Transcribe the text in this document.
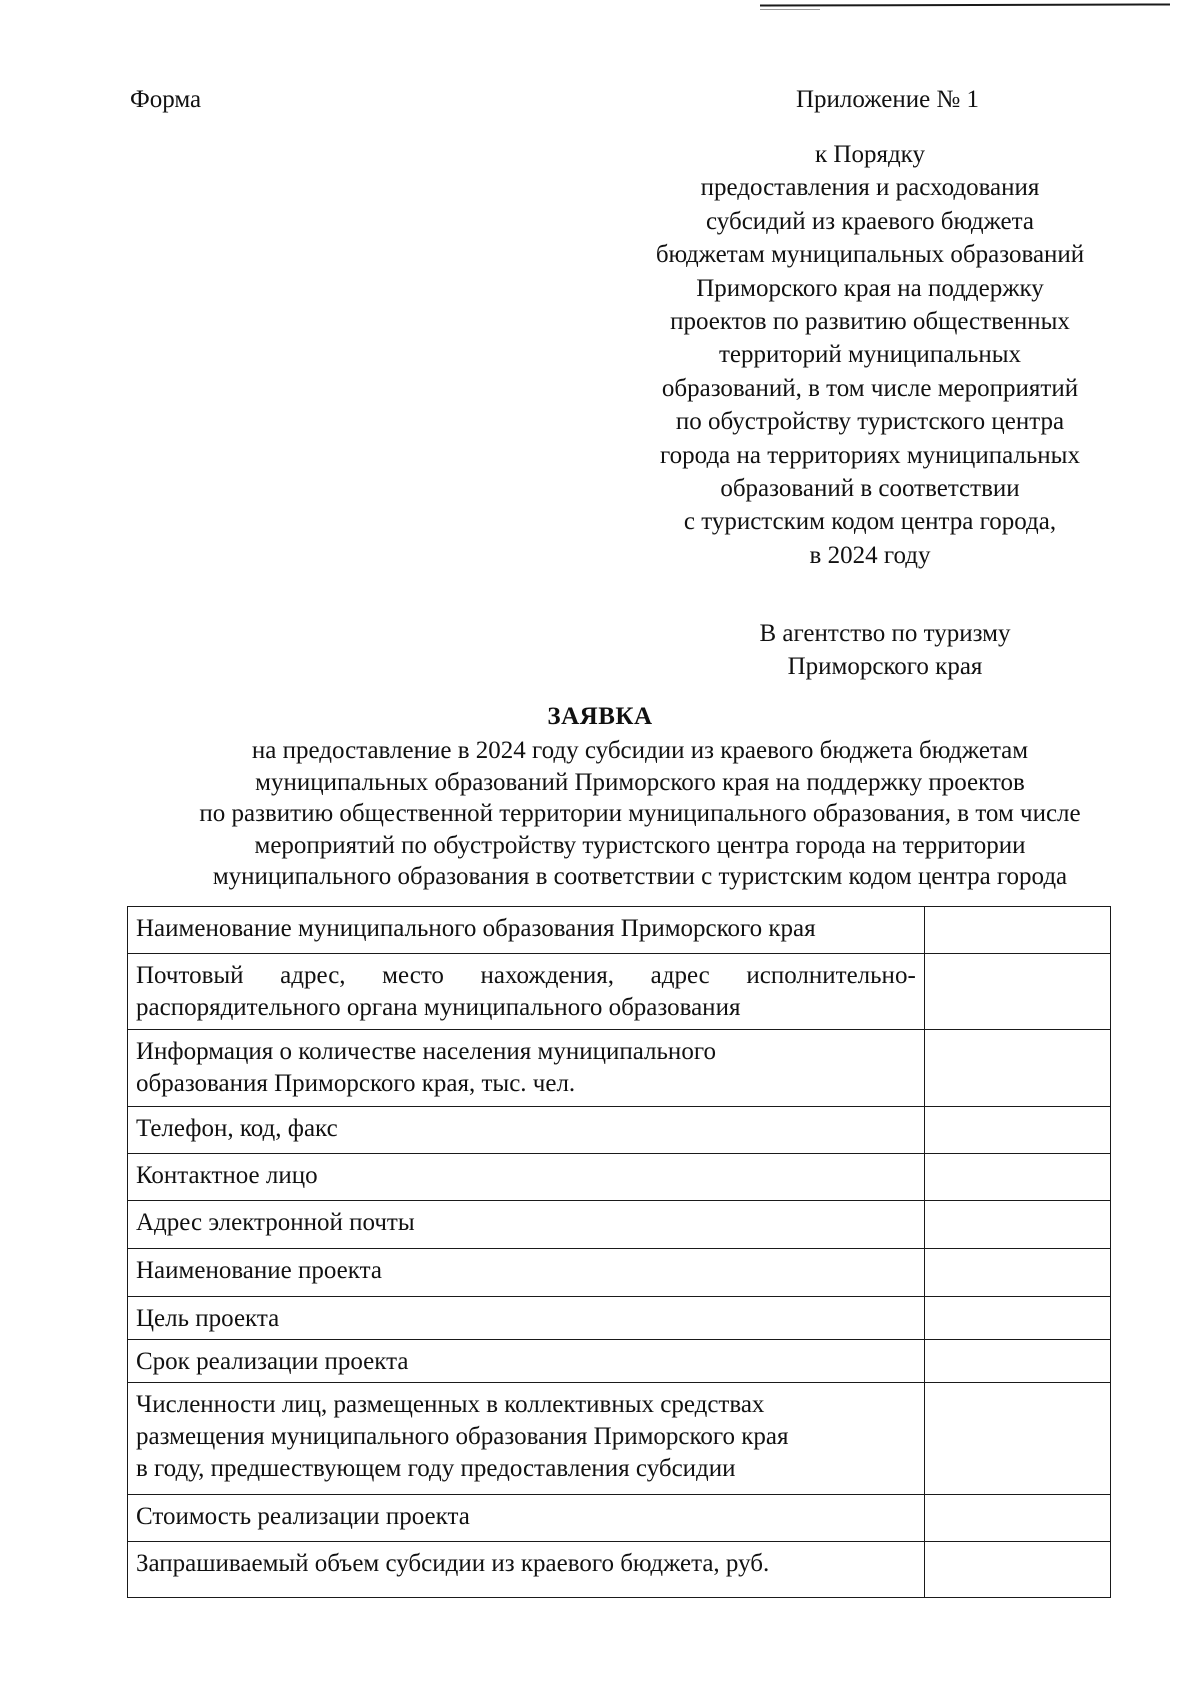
Форма	Приложение № 1
к Порядку
предоставления и расходования
субсидий из краевого бюджета
бюджетам муниципальных образований
Приморского края на поддержку
проектов по развитию общественных
территорий муниципальных
образований, в том числе мероприятий
по обустройству туристского центра
города на территориях муниципальных
образований в соответствии
с туристским кодом центра города,
в 2024 году
В агентство по туризму
Приморского края
ЗАЯВКА
на предоставление в 2024 году субсидии из краевого бюджета бюджетам
муниципальных образований Приморского края на поддержку проектов
по развитию общественной территории муниципального образования, в том числе
мероприятий по обустройству туристского центра города на территории
муниципального образования в соответствии с туристским кодом центра города
Наименование муниципального образования Приморского края	
Почтовый адрес, место нахождения, адрес исполнительно-распорядительного органа муниципального образования	

Информация о количестве населения муниципального
образования Приморского края, тыс. чел.	

Телефон, код, факс	
Контактное лицо	
Адрес электронной почты	
Наименование проекта	
Цель проекта	
Срок реализации проекта	

Численности лиц, размещенных в коллективных средствах
размещения муниципального образования Приморского края
в году, предшествующем году предоставления субсидии	

Стоимость реализации проекта	
Запрашиваемый объем субсидии из краевого бюджета, руб.	
